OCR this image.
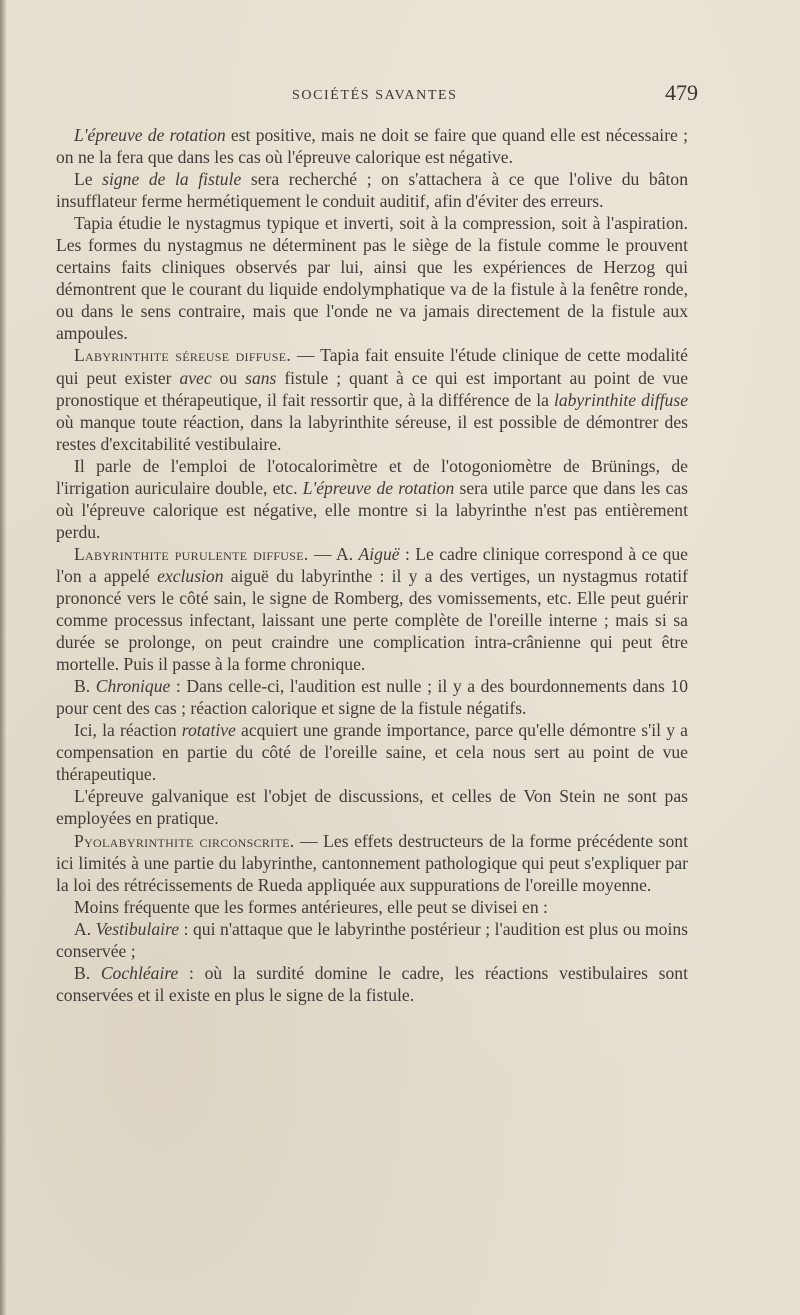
SOCIÉTÉS SAVANTES	479

L'épreuve de rotation est positive, mais ne doit se faire que quand elle est nécessaire ; on ne la fera que dans les cas où l'épreuve calorique est négative.

Le signe de la fistule sera recherché ; on s'attachera à ce que l'olive du bâton insufflateur ferme hermétiquement le conduit auditif, afin d'éviter des erreurs.

Tapia étudie le nystagmus typique et inverti, soit à la compression, soit à l'aspiration. Les formes du nystagmus ne déterminent pas le siège de la fistule comme le prouvent certains faits cliniques observés par lui, ainsi que les expériences de Herzog qui démontrent que le courant du liquide endolymphatique va de la fistule à la fenêtre ronde, ou dans le sens contraire, mais que l'onde ne va jamais directement de la fistule aux ampoules.

Labyrinthite séreuse diffuse. — Tapia fait ensuite l'étude clinique de cette modalité qui peut exister avec ou sans fistule ; quant à ce qui est important au point de vue pronostique et thérapeutique, il fait ressortir que, à la différence de la labyrinthite diffuse où manque toute réaction, dans la labyrinthite séreuse, il est possible de démontrer des restes d'excitabilité vestibulaire.

Il parle de l'emploi de l'otocalorimètre et de l'otogoniomètre de Brünings, de l'irrigation auriculaire double, etc. L'épreuve de rotation sera utile parce que dans les cas où l'épreuve calorique est négative, elle montre si la labyrinthe n'est pas entièrement perdu.

Labyrinthite purulente diffuse. — A. Aiguë : Le cadre clinique correspond à ce que l'on a appelé exclusion aiguë du labyrinthe : il y a des vertiges, un nystagmus rotatif prononcé vers le côté sain, le signe de Romberg, des vomissements, etc. Elle peut guérir comme processus infectant, laissant une perte complète de l'oreille interne ; mais si sa durée se prolonge, on peut craindre une complication intra-crânienne qui peut être mortelle. Puis il passe à la forme chronique.

B. Chronique : Dans celle-ci, l'audition est nulle ; il y a des bourdonnements dans 10 pour cent des cas ; réaction calorique et signe de la fistule négatifs.

Ici, la réaction rotative acquiert une grande importance, parce qu'elle démontre s'il y a compensation en partie du côté de l'oreille saine, et cela nous sert au point de vue thérapeutique.

L'épreuve galvanique est l'objet de discussions, et celles de Von Stein ne sont pas employées en pratique.

Pyolabyrinthite circonscrite. — Les effets destructeurs de la forme précédente sont ici limités à une partie du labyrinthe, cantonnement pathologique qui peut s'expliquer par la loi des rétrécissements de Rueda appliquée aux suppurations de l'oreille moyenne.

Moins fréquente que les formes antérieures, elle peut se divisei en :

A. Vestibulaire : qui n'attaque que le labyrinthe postérieur ; l'audition est plus ou moins conservée ;

B. Cochléaire : où la surdité domine le cadre, les réactions vestibulaires sont conservées et il existe en plus le signe de la fistule.
